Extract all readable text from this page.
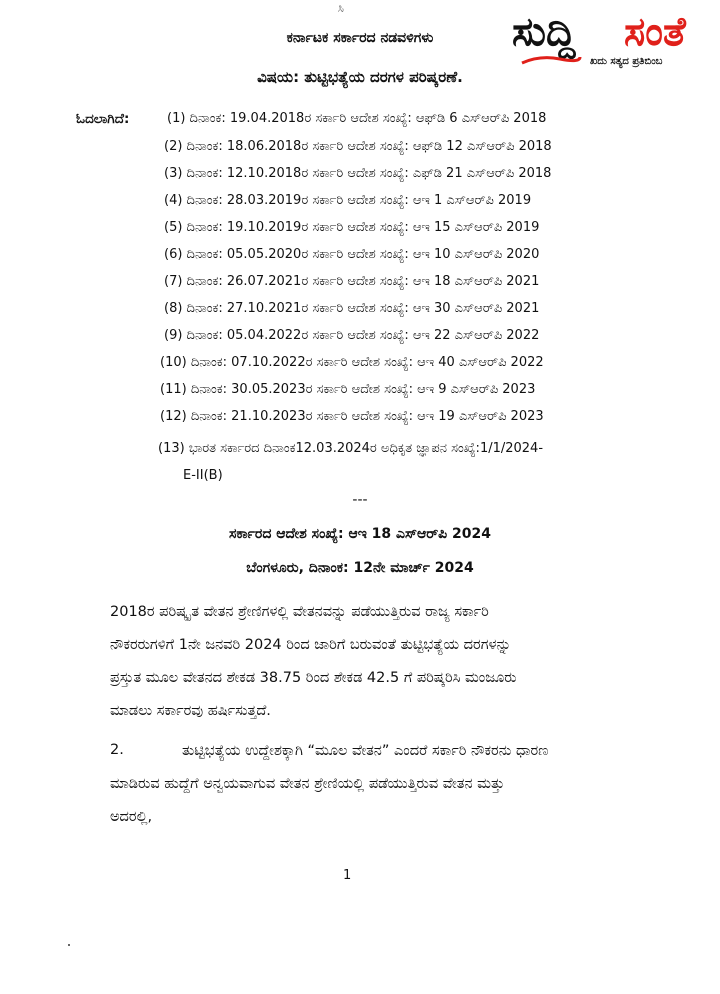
ಸಿ
ಸುದ್ದಿ ಸಂತೆ
ಖದು ಸತ್ಯದ ಪ್ರತಿಬಿಂಬ
ಕರ್ನಾಟಕ ಸರ್ಕಾರದ ನಡವಳಿಗಳು
ವಿಷಯ: ತುಟ್ಟಿಭತ್ಯೆಯ ದರಗಳ ಪರಿಷ್ಕರಣೆ.
ಓದಲಾಗಿದೆ:	(1) ದಿನಾಂಕ: 19.04.2018ರ ಸರ್ಕಾರಿ ಆದೇಶ ಸಂಖ್ಯೆ: ಆಫ್‌ಡಿ 6 ಎಸ್‌ಆರ್‌ಪಿ 2018
(2) ದಿನಾಂಕ: 18.06.2018ರ ಸರ್ಕಾರಿ ಆದೇಶ ಸಂಖ್ಯೆ: ಆಫ್‌ಡಿ 12 ಎಸ್‌ಆರ್‌ಪಿ 2018
(3) ದಿನಾಂಕ: 12.10.2018ರ ಸರ್ಕಾರಿ ಆದೇಶ ಸಂಖ್ಯೆ: ಎಫ್‌ಡಿ 21 ಎಸ್‌ಆರ್‌ಪಿ 2018
(4) ದಿನಾಂಕ: 28.03.2019ರ ಸರ್ಕಾರಿ ಆದೇಶ ಸಂಖ್ಯೆ: ಆಇ 1 ಎಸ್‌ಆರ್‌ಪಿ 2019
(5) ದಿನಾಂಕ: 19.10.2019ರ ಸರ್ಕಾರಿ ಆದೇಶ ಸಂಖ್ಯೆ: ಆಇ 15 ಎಸ್‌ಆರ್‌ಪಿ 2019
(6) ದಿನಾಂಕ: 05.05.2020ರ ಸರ್ಕಾರಿ ಆದೇಶ ಸಂಖ್ಯೆ: ಆಇ 10 ಎಸ್‌ಆರ್‌ಪಿ 2020
(7) ದಿನಾಂಕ: 26.07.2021ರ ಸರ್ಕಾರಿ ಆದೇಶ ಸಂಖ್ಯೆ: ಆಇ 18 ಎಸ್‌ಆರ್‌ಪಿ 2021
(8) ದಿನಾಂಕ: 27.10.2021ರ ಸರ್ಕಾರಿ ಆದೇಶ ಸಂಖ್ಯೆ: ಆಇ 30 ಎಸ್‌ಆರ್‌ಪಿ 2021
(9) ದಿನಾಂಕ: 05.04.2022ರ ಸರ್ಕಾರಿ ಆದೇಶ ಸಂಖ್ಯೆ: ಆಇ 22 ಎಸ್‌ಆರ್‌ಪಿ 2022
(10) ದಿನಾಂಕ: 07.10.2022ರ ಸರ್ಕಾರಿ ಆದೇಶ ಸಂಖ್ಯೆ: ಆಇ 40 ಎಸ್‌ಆರ್‌ಪಿ 2022
(11) ದಿನಾಂಕ: 30.05.2023ರ ಸರ್ಕಾರಿ ಆದೇಶ ಸಂಖ್ಯೆ: ಆಇ 9 ಎಸ್‌ಆರ್‌ಪಿ 2023
(12) ದಿನಾಂಕ: 21.10.2023ರ ಸರ್ಕಾರಿ ಆದೇಶ ಸಂಖ್ಯೆ: ಆಇ 19 ಎಸ್‌ಆರ್‌ಪಿ 2023
(13) ಭಾರತ ಸರ್ಕಾರದ ದಿನಾಂಕ12.03.2024ರ ಅಧಿಕೃತ ಜ್ಞಾಪನ ಸಂಖ್ಯೆ:1/1/2024-
E-II(B)
---
ಸರ್ಕಾರದ ಆದೇಶ ಸಂಖ್ಯೆ: ಆಇ 18 ಎಸ್‌ಆರ್‌ಪಿ 2024
ಬೆಂಗಳೂರು, ದಿನಾಂಕ: 12ನೇ ಮಾರ್ಚ್ 2024
2018ರ ಪರಿಷ್ಕೃತ ವೇತನ ಶ್ರೇಣಿಗಳಲ್ಲಿ ವೇತನವನ್ನು ಪಡೆಯುತ್ತಿರುವ ರಾಜ್ಯ ಸರ್ಕಾರಿ
ನೌಕರರುಗಳಿಗೆ 1ನೇ ಜನವರಿ 2024 ರಿಂದ ಜಾರಿಗೆ ಬರುವಂತೆ ತುಟ್ಟಿಭತ್ಯೆಯ ದರಗಳನ್ನು
ಪ್ರಸ್ತುತ ಮೂಲ ವೇತನದ ಶೇಕಡ 38.75 ರಿಂದ ಶೇಕಡ 42.5 ಗೆ ಪರಿಷ್ಕರಿಸಿ ಮಂಜೂರು
ಮಾಡಲು ಸರ್ಕಾರವು ಹರ್ಷಿಸುತ್ತದೆ.
2.	ತುಟ್ಟಿಭತ್ಯೆಯ ಉದ್ದೇಶಕ್ಕಾಗಿ “ಮೂಲ ವೇತನ” ಎಂದರೆ ಸರ್ಕಾರಿ ನೌಕರನು ಧಾರಣ
ಮಾಡಿರುವ ಹುದ್ದೆಗೆ ಅನ್ವಯವಾಗುವ ವೇತನ ಶ್ರೇಣಿಯಲ್ಲಿ ಪಡೆಯುತ್ತಿರುವ ವೇತನ ಮತ್ತು
ಅದರಲ್ಲಿ,
1
